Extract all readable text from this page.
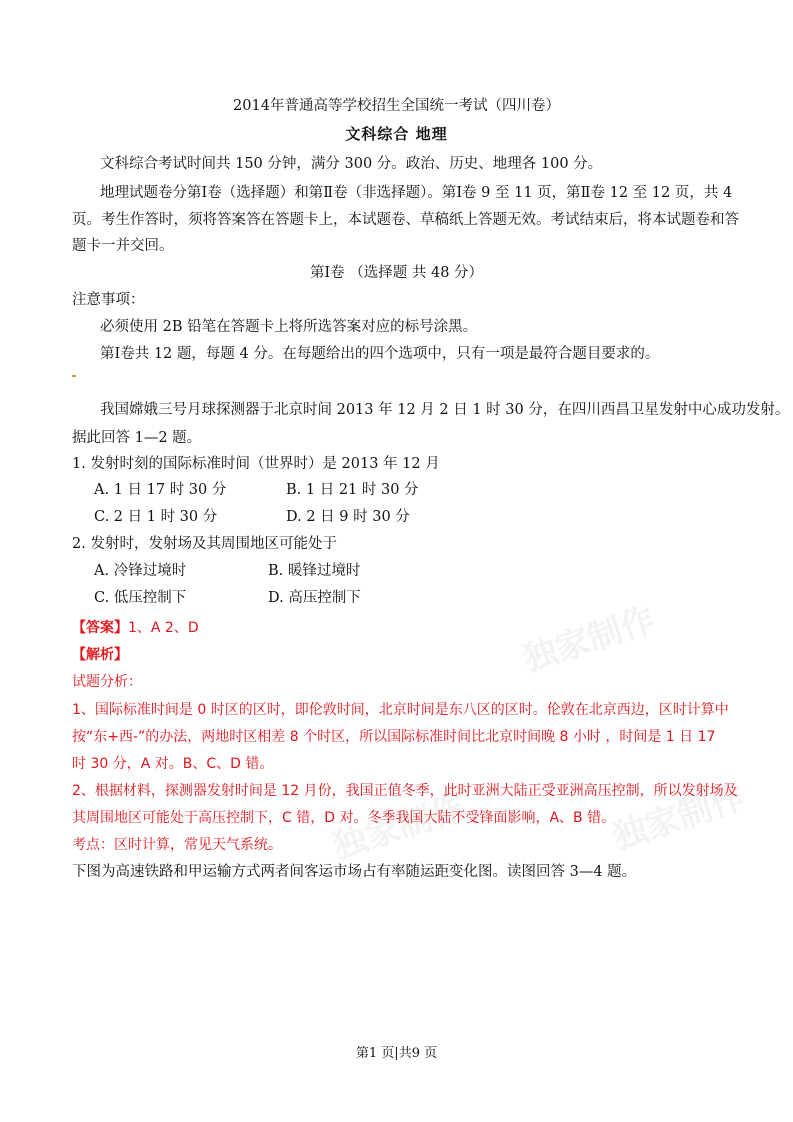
独家制作
独家制作	独家制作
2014年普通高等学校招生全国统一考试（四川卷）
文科综合 地理
文科综合考试时间共 150 分钟，满分 300 分。政治、历史、地理各 100 分。
地理试题卷分第Ⅰ卷（选择题）和第Ⅱ卷（非选择题）。第Ⅰ卷 9 至 11 页，第Ⅱ卷 12 至 12 页，共 4
页。考生作答时，须将答案答在答题卡上，本试题卷、草稿纸上答题无效。考试结束后，将本试题卷和答
题卡一并交回。
第Ⅰ卷 （选择题 共 48 分）
注意事项：
必须使用 2B 铅笔在答题卡上将所选答案对应的标号涂黑。
第Ⅰ卷共 12 题，每题 4 分。在每题给出的四个选项中，只有一项是最符合题目要求的。
我国嫦娥三号月球探测器于北京时间 2013 年 12 月 2 日 1 时 30 分，在四川西昌卫星发射中心成功发射。
据此回答 1—2 题。
1. 发射时刻的国际标准时间（世界时）是 2013 年 12 月
A. 1 日 17 时 30 分	B. 1 日 21 时 30 分
C. 2 日 1 时 30 分	D. 2 日 9 时 30 分
2. 发射时，发射场及其周围地区可能处于
A. 冷锋过境时	B. 暖锋过境时
C. 低压控制下	D. 高压控制下
【答案】1、A 2、D
【解析】
试题分析：
1、国际标准时间是 0 时区的区时，即伦敦时间，北京时间是东八区的区时。伦敦在北京西边，区时计算中
按“东+西-”的办法，两地时区相差 8 个时区，所以国际标准时间比北京时间晚 8 小时 ，时间是 1 日 17
时 30 分，A 对。B、C、D 错。
2、根据材料，探测器发射时间是 12 月份，我国正值冬季，此时亚洲大陆正受亚洲高压控制，所以发射场及
其周围地区可能处于高压控制下，C 错，D 对。冬季我国大陆不受锋面影响，A、B 错。
考点：区时计算，常见天气系统。
下图为高速铁路和甲运输方式两者间客运市场占有率随运距变化图。读图回答 3—4 题。
第1 页|共9 页
